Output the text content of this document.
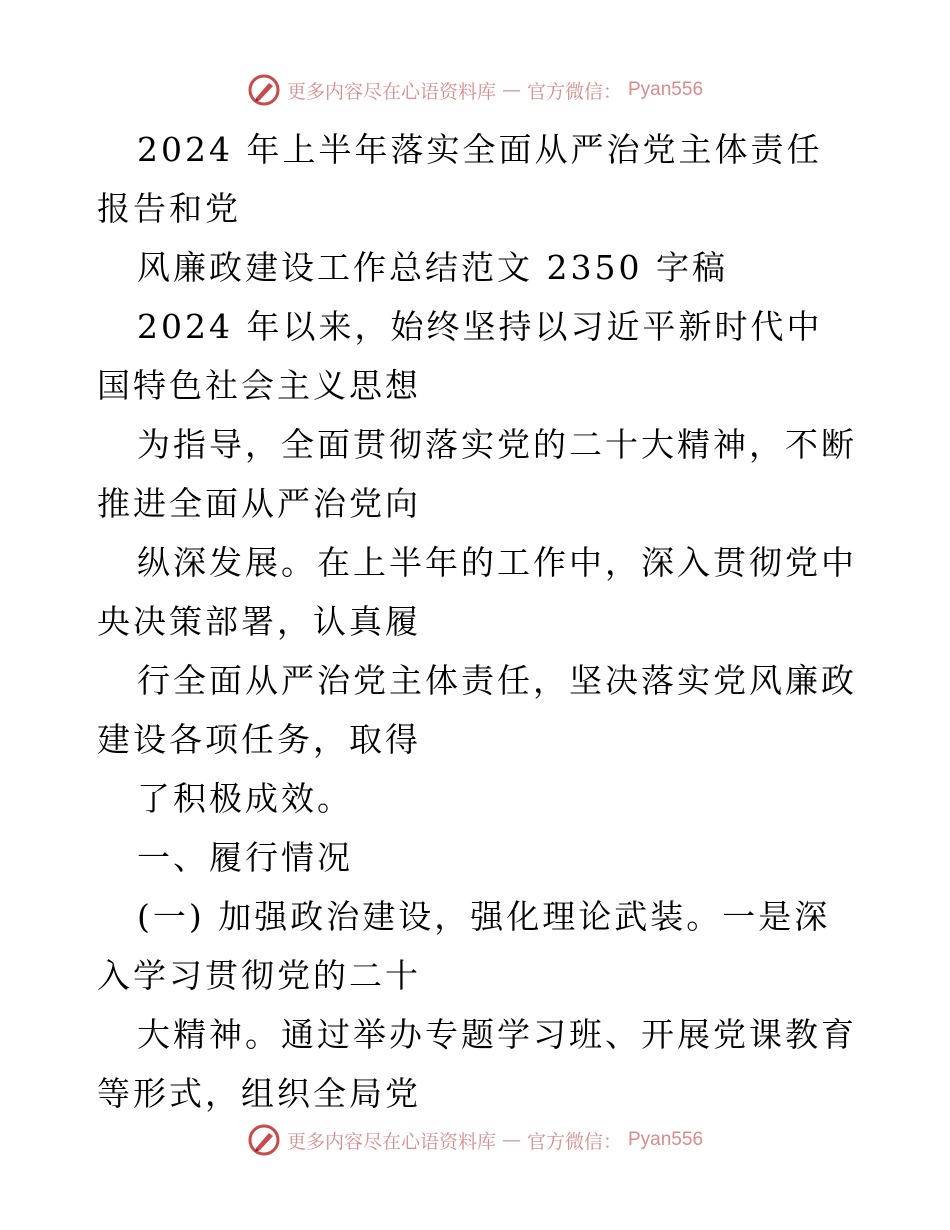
更多内容尽在心语资料库 — 官方微信： Pyan556

2024 年上半年落实全面从严治党主体责任报告和党

风廉政建设工作总结范文 2350 字稿

2024 年以来，始终坚持以习近平新时代中国特色社会主义思想

为指导，全面贯彻落实党的二十大精神，不断推进全面从严治党向

纵深发展。在上半年的工作中，深入贯彻党中央决策部署，认真履

行全面从严治党主体责任，坚决落实党风廉政建设各项任务，取得

了积极成效。

一、履行情况

(一) 加强政治建设，强化理论武装。一是深入学习贯彻党的二十

大精神。通过举办专题学习班、开展党课教育等形式，组织全局党

更多内容尽在心语资料库 — 官方微信： Pyan556
